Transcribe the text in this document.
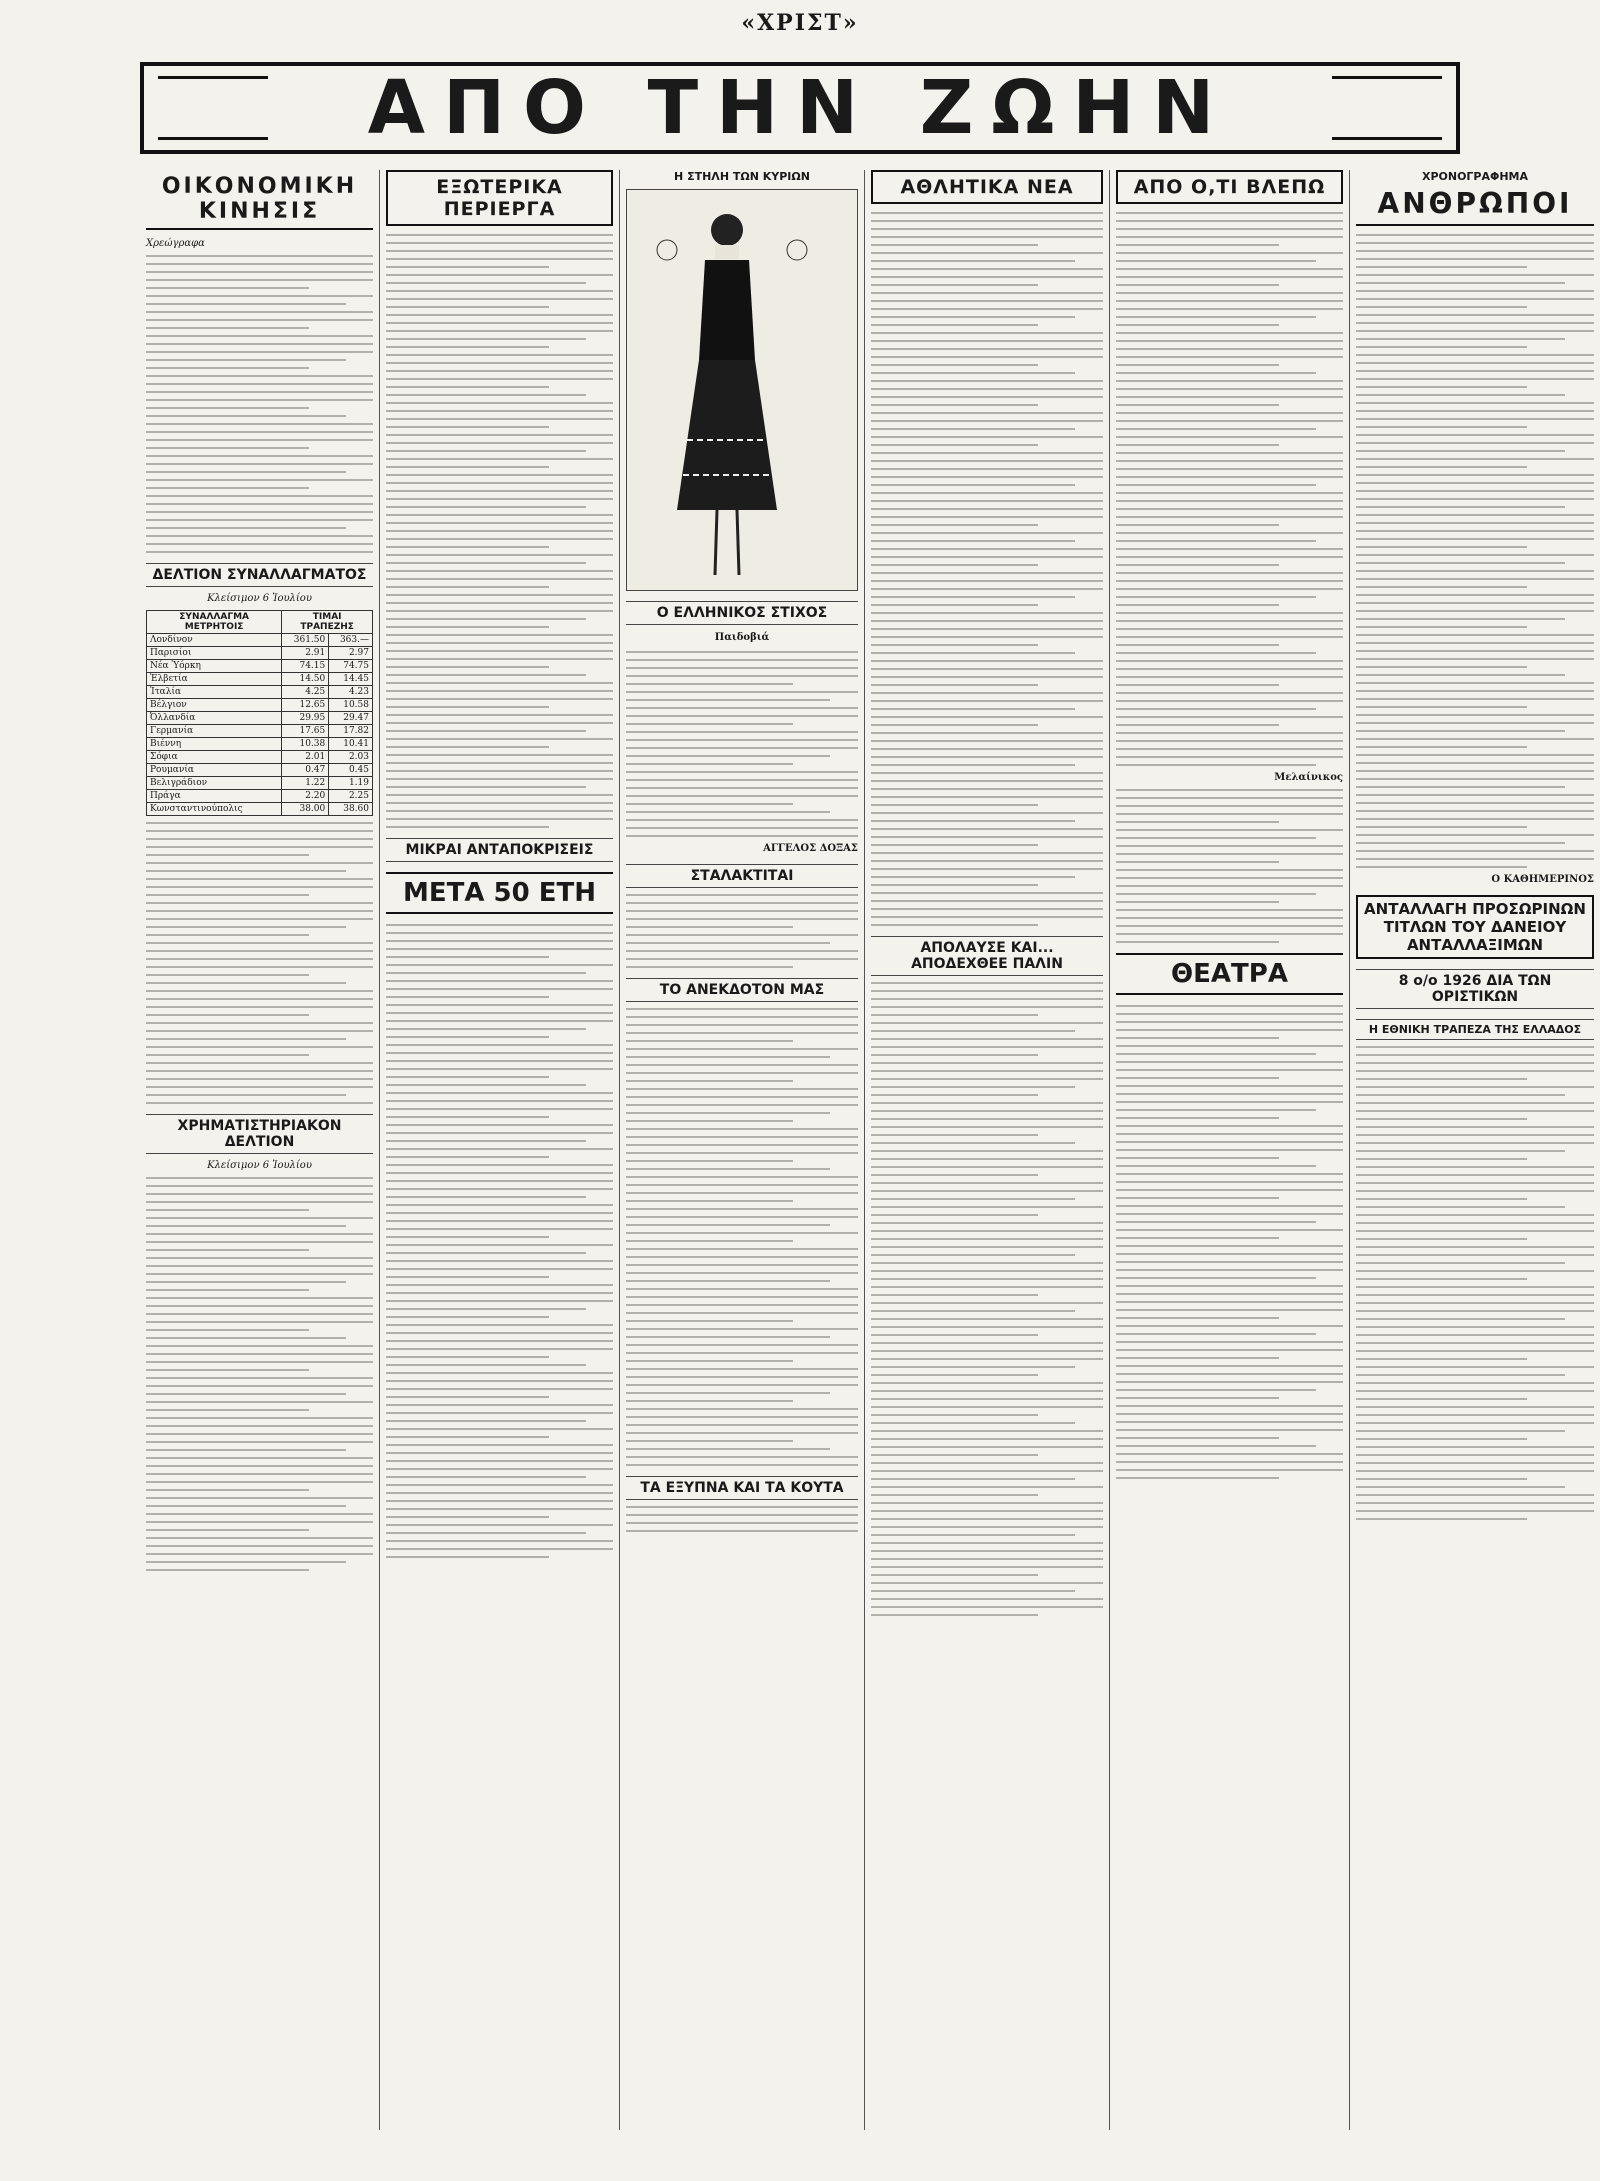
«ΧΡΙΣΤ»
ΑΠΟ ΤΗΝ ΖΩΗΝ
ΟΙΚΟΝΟΜΙΚΗ ΚΙΝΗΣΙΣ
Χρεώγραφα
ΔΕΛΤΙΟΝ ΣΥΝΑΛΛΑΓΜΑΤΟΣ
Κλείσιμον 6 Ἰουλίου
ΣΥΝΑΛΛΑΓΜΑ ΜΕΤΡΗΤΟΙΣ	ΤΙΜΑΙ ΤΡΑΠΕΖΗΣ	
Λονδίνον	361.50	363.—
Παρισίοι	2.91	2.97
Νέα Ὑόρκη	74.15	74.75
Ἑλβετία	14.50	14.45
Ἰταλία	4.25	4.23
Βέλγιον	12.65	10.58
Ὀλλανδία	29.95	29.47
Γερμανία	17.65	17.82
Βιέννη	10.38	10.41
Σόφια	2.01	2.03
Ρουμανία	0.47	0.45
Βελιγράδιον	1.22	1.19
Πράγα	2.20	2.25
Κωνσταντινούπολις	38.00	38.60
ΧΡΗΜΑΤΙΣΤΗΡΙΑΚΟΝ ΔΕΛΤΙΟΝ
Κλείσιμον 6 Ἰουλίου
ΕΞΩΤΕΡΙΚΑ ΠΕΡΙΕΡΓΑ
ΜΙΚΡΑΙ ΑΝΤΑΠΟΚΡΙΣΕΙΣ
ΜΕΤΑ 50 ΕΤΗ
Η ΣΤΗΛΗ ΤΩΝ ΚΥΡΙΩΝ
Ο ΕΛΛΗΝΙΚΟΣ ΣΤΙΧΟΣ
Παιδοβιά
ΑΓΓΕΛΟΣ ΔΟΞΑΣ
ΣΤΑΛΑΚΤΙΤΑΙ
ΤΟ ΑΝΕΚΔΟΤΟΝ ΜΑΣ
ΤΑ ΕΞΥΠΝΑ ΚΑΙ ΤΑ ΚΟΥΤΑ
ΑΘΛΗΤΙΚΑ ΝΕΑ
ΑΠΟΛΑΥΣΕ ΚΑΙ... ΑΠΟΔΕΧΘΕΕ ΠΑΛΙΝ
ΑΠΟ Ο,ΤΙ ΒΛΕΠΩ
Μελαίνικος
ΘΕΑΤΡΑ
ΧΡΟΝΟΓΡΑΦΗΜΑ
ΑΝΘΡΩΠΟΙ
Ο ΚΑΘΗΜΕΡΙΝΟΣ
ΑΝΤΑΛΛΑΓΗ ΠΡΟΣΩΡΙΝΩΝ ΤΙΤΛΩΝ ΤΟΥ ΔΑΝΕΙΟΥ ΑΝΤΑΛΛΑΞΙΜΩΝ
8 ο/ο 1926 ΔΙΑ ΤΩΝ ΟΡΙΣΤΙΚΩΝ
Η ΕΘΝΙΚΗ ΤΡΑΠΕΖΑ ΤΗΣ ΕΛΛΑΔΟΣ
